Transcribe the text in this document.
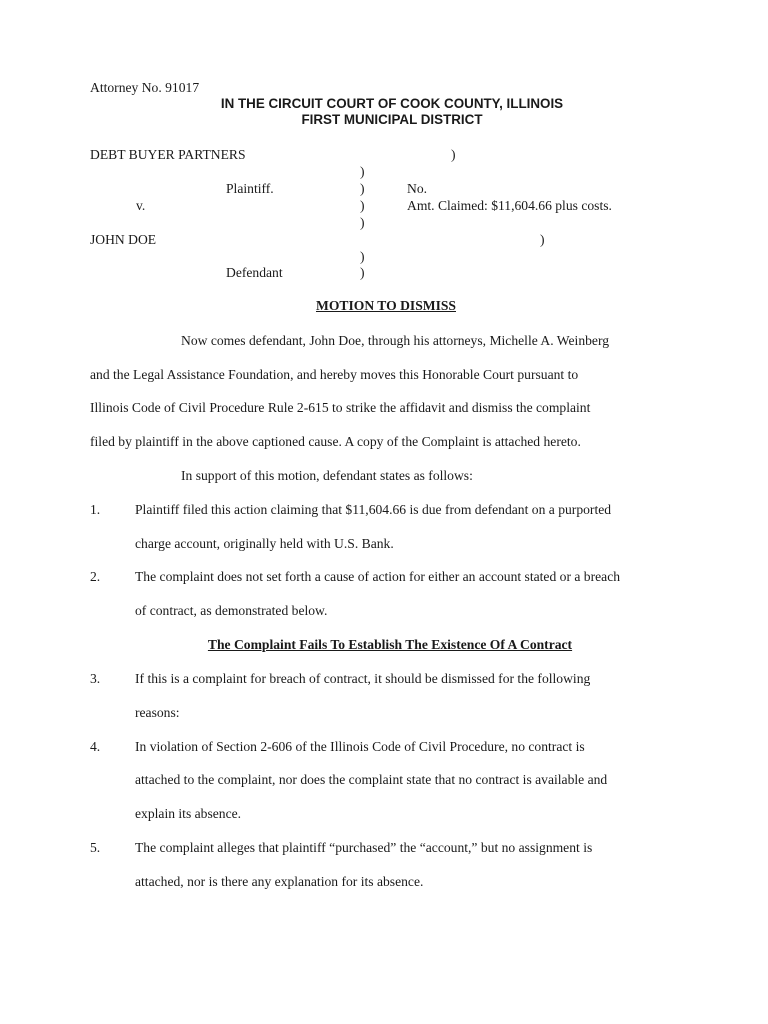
Attorney No. 91017
IN THE CIRCUIT COURT OF COOK COUNTY, ILLINOIS
FIRST MUNICIPAL DISTRICT
DEBT BUYER PARTNERS	)
)
Plaintiff.	)	No.
v.	)	Amt. Claimed: $11,604.66 plus costs.
)
JOHN DOE	)
)
Defendant	)
MOTION TO DISMISS
Now comes defendant, John Doe, through his attorneys, Michelle A. Weinberg
and the Legal Assistance Foundation, and hereby moves this Honorable Court pursuant to
Illinois Code of Civil Procedure Rule 2-615 to strike the affidavit and dismiss the complaint
filed by plaintiff in the above captioned cause. A copy of the Complaint is attached hereto.
In support of this motion, defendant states as follows:
1.	Plaintiff filed this action claiming that $11,604.66 is due from defendant on a purported
charge account, originally held with U.S. Bank.
2.	The complaint does not set forth a cause of action for either an account stated or a breach
of contract, as demonstrated below.
The Complaint Fails To Establish The Existence Of A Contract
3.	If this is a complaint for breach of contract, it should be dismissed for the following
reasons:
4.	In violation of Section 2-606 of the Illinois Code of Civil Procedure, no contract is
attached to the complaint, nor does the complaint state that no contract is available and
explain its absence.
5.	The complaint alleges that plaintiff “purchased” the “account,” but no assignment is
attached, nor is there any explanation for its absence.
